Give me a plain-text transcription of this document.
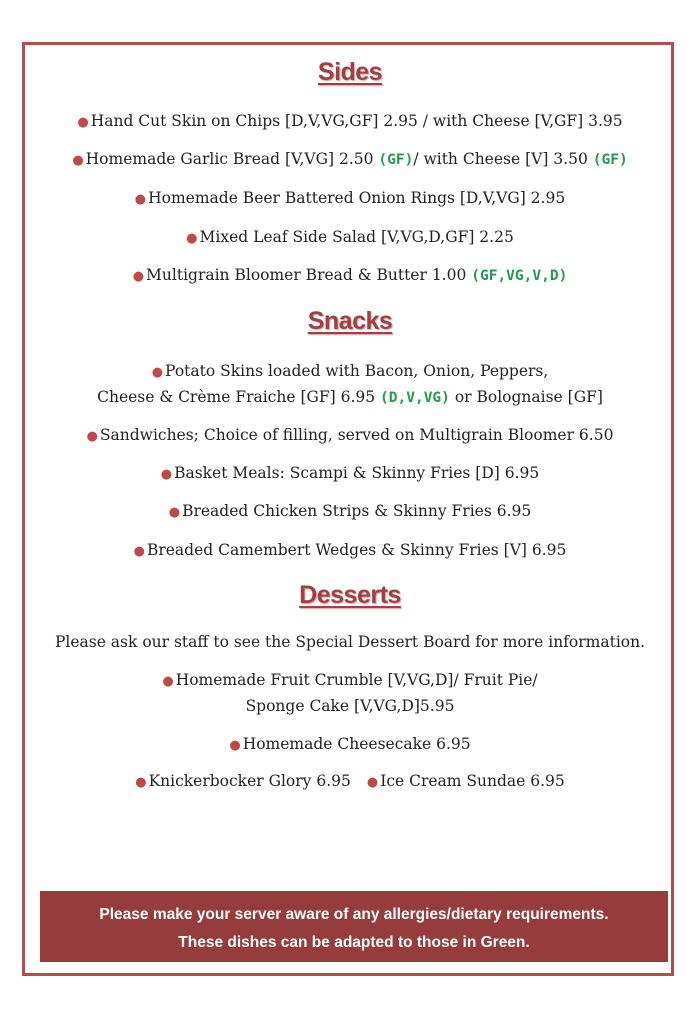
Sides
● Hand Cut Skin on Chips [D,V,VG,GF] 2.95 / with Cheese [V,GF] 3.95
● Homemade Garlic Bread [V,VG] 2.50 (GF)/ with Cheese [V] 3.50 (GF)
● Homemade Beer Battered Onion Rings [D,V,VG] 2.95
● Mixed Leaf Side Salad [V,VG,D,GF] 2.25
● Multigrain Bloomer Bread & Butter 1.00 (GF,VG,V,D)
Snacks
● Potato Skins loaded with Bacon, Onion, Peppers,
Cheese & Crème Fraiche [GF] 6.95 (D,V,VG) or Bolognaise [GF]
● Sandwiches; Choice of filling, served on Multigrain Bloomer 6.50
● Basket Meals: Scampi & Skinny Fries [D] 6.95
● Breaded Chicken Strips & Skinny Fries 6.95
● Breaded Camembert Wedges & Skinny Fries [V] 6.95
Desserts
Please ask our staff to see the Special Dessert Board for more information.
● Homemade Fruit Crumble [V,VG,D]/ Fruit Pie/
Sponge Cake [V,VG,D]5.95
● Homemade Cheesecake 6.95
● Knickerbocker Glory 6.95 ● Ice Cream Sundae 6.95
Please make your server aware of any allergies/dietary requirements.
These dishes can be adapted to those in Green.
